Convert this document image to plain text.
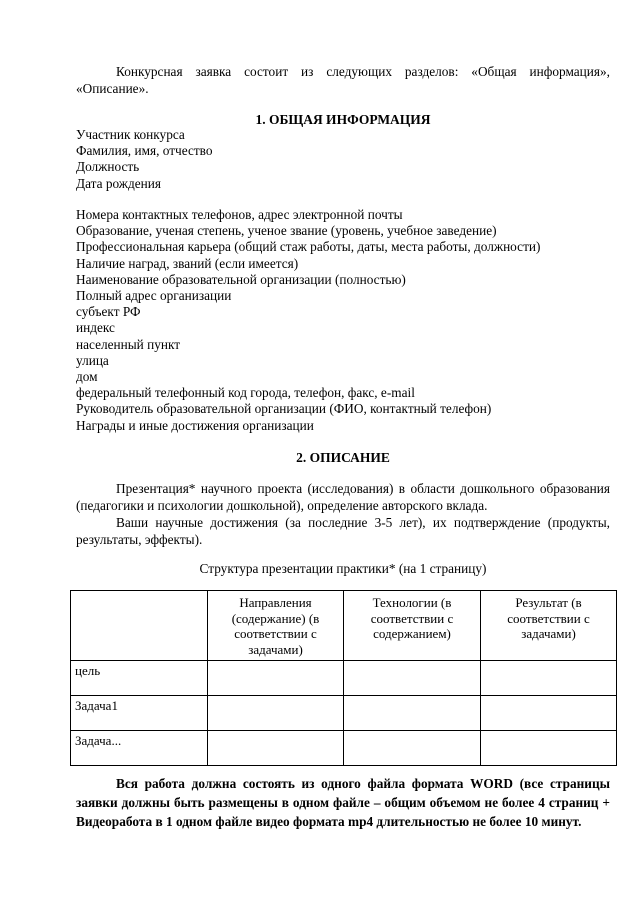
Конкурсная заявка состоит из следующих разделов: «Общая информация», «Описание».

1. ОБЩАЯ ИНФОРМАЦИЯ

Участник конкурса
Фамилия, имя, отчество
Должность
Дата рождения
Номера контактных телефонов, адрес электронной почты
Образование, ученая степень, ученое звание (уровень, учебное заведение)
Профессиональная карьера (общий стаж работы, даты, места работы, должности)
Наличие наград, званий (если имеется)
Наименование образовательной организации (полностью)
Полный адрес организации
субъект РФ
индекс
населенный пункт
улица
дом
федеральный телефонный код города, телефон, факс, e-mail
Руководитель образовательной организации (ФИО, контактный телефон)
Награды и иные достижения организации

2. ОПИСАНИЕ

Презентация* научного проекта (исследования) в области дошкольного образования (педагогики и психологии дошкольной), определение авторского вклада.

Ваши научные достижения (за последние 3-5 лет), их подтверждение (продукты, результаты, эффекты).

Структура презентации практики* (на 1 страницу)

	Направления (содержание) (в соответствии с задачами)	Технологии (в соответствии с содержанием)	Результат (в соответствии с задачами)
цель			
Задача1			
Задача...			

Вся работа должна состоять из одного файла формата WORD (все страницы заявки должны быть размещены в одном файле – общим объемом не более 4 страниц + Видеоработа в 1 одном файле видео формата mp4 длительностью не более 10 минут.
